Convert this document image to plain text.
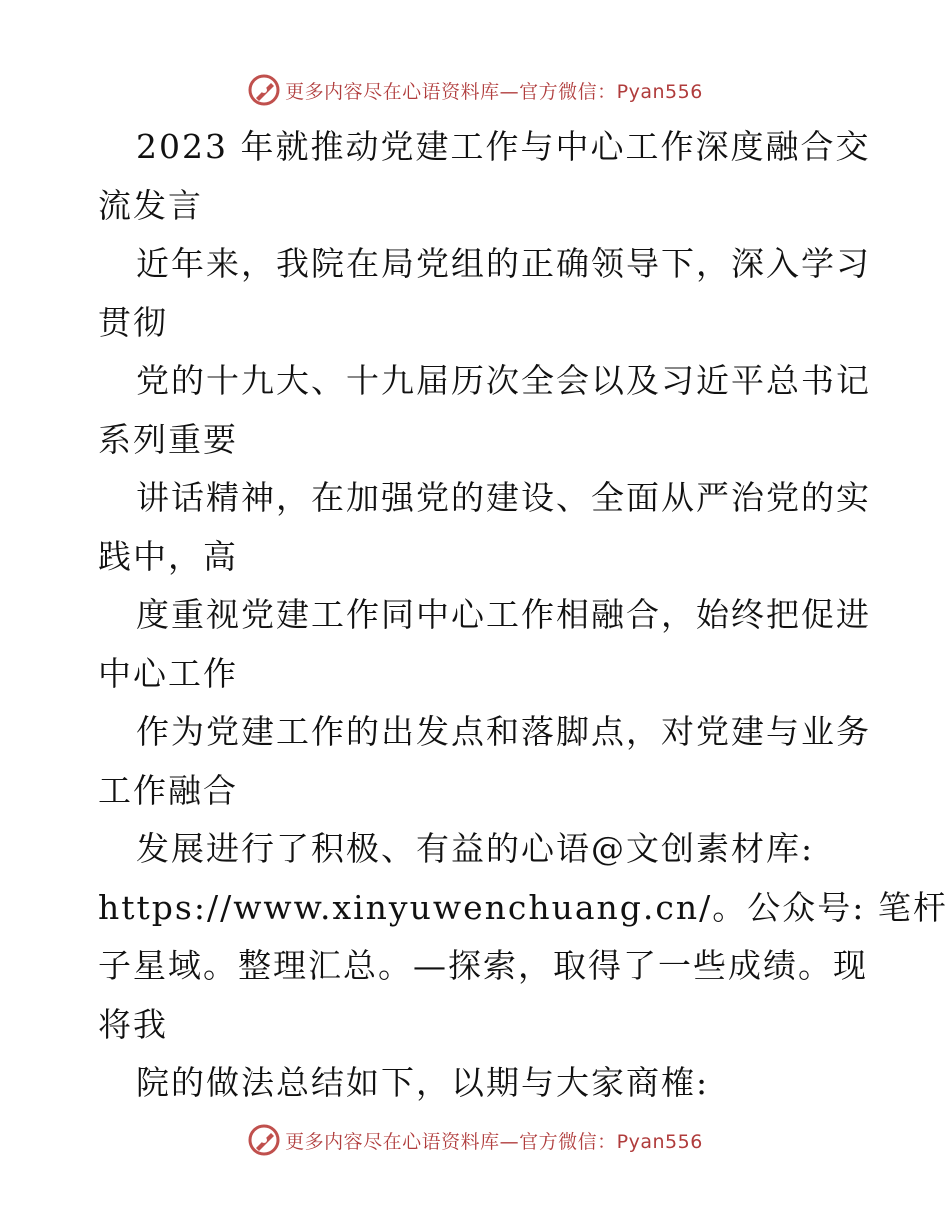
更多内容尽在心语资料库—官方微信：Pyan556
2023 年就推动党建工作与中心工作深度融合交
流发言
近年来，我院在局党组的正确领导下，深入学习
贯彻
党的十九大、十九届历次全会以及习近平总书记
系列重要
讲话精神，在加强党的建设、全面从严治党的实
践中，高
度重视党建工作同中心工作相融合，始终把促进
中心工作
作为党建工作的出发点和落脚点，对党建与业务
工作融合
发展进行了积极、有益的心语@文创素材库:
https://www.xinyuwenchuang.cn/。公众号: 笔杆
子星域。整理汇总。—探索，取得了一些成绩。现
将我
院的做法总结如下，以期与大家商榷:
更多内容尽在心语资料库—官方微信：Pyan556
